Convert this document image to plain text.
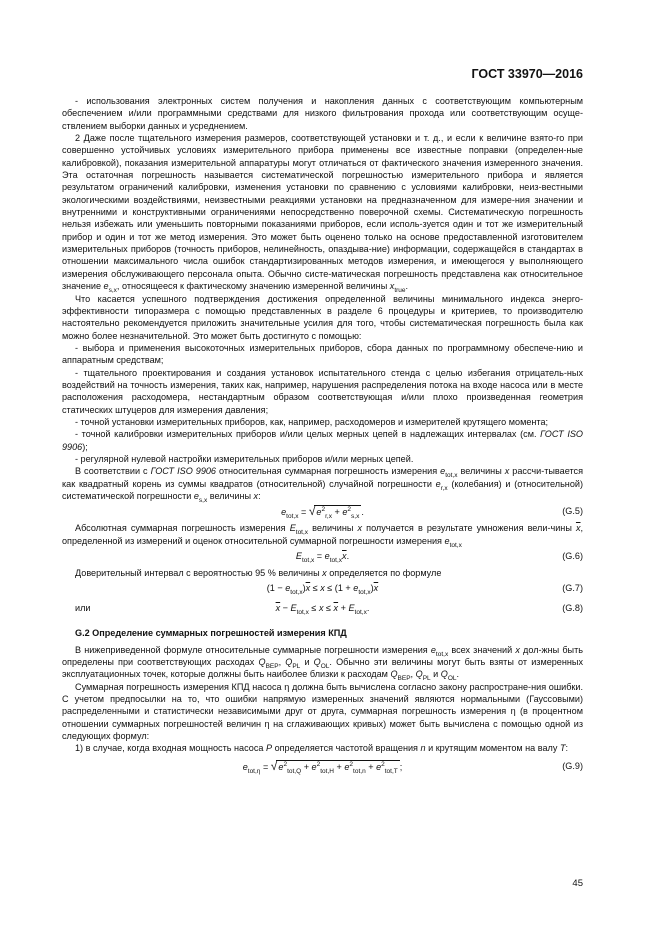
ГОСТ 33970—2016

- использования электронных систем получения и накопления данных с соответствующим компьютерным обеспечением и/или программными средствами для низкого фильтрования прохода или соответствующим осуще-ствлением выборки данных и усреднением.

2 Даже после тщательного измерения размеров, соответствующей установки и т. д., и если к величине взято-го при совершенно устойчивых условиях измерительного прибора применены все известные поправки (определен-ные калибровкой), показания измерительной аппаратуры могут отличаться от фактического значения измеренного значения. Эта остаточная погрешность называется систематической погрешностью измерительного прибора и является результатом ограничений калибровки, изменения установки по сравнению с условиями калибровки, неиз-вестными экологическими воздействиями, неизвестными реакциями установки на предназначенном для измере-ния значении и внутренними и конструктивными ограничениями непосредственно поверочной схемы. Систематическую погрешность нельзя избежать или уменьшить повторными показаниями приборов, если исполь-зуется один и тот же измерительный прибор и один и тот же метод измерения. Это может быть оценено только на основе предоставленной изготовителем измерительных приборов (точность приборов, нелинейность, опаздыва-ние) информации, содержащейся в стандартах в отношении максимального числа ошибок стандартизированных методов измерения, и имеющегося у выполняющего измерения обслуживающего персонала опыта. Обычно систе-матическая погрешность представлена как относительное значение $e_{s,x}$, относящееся к фактическому значению измеренной величины $x_{true}$.

Что касается успешного подтверждения достижения определенной величины минимального индекса энерго-эффективности типоразмера с помощью представленных в разделе 6 процедуры и критериев, то производителю настоятельно рекомендуется приложить значительные усилия для того, чтобы систематическая погрешность была как можно более незначительной. Это может быть достигнуто с помощью:

- выбора и применения высокоточных измерительных приборов, сбора данных по программному обеспече-нию и аппаратным средствам;

- тщательного проектирования и создания установок испытательного стенда с целью избегания отрицатель-ных воздействий на точность измерения, таких как, например, нарушения распределения потока на входе насоса или в месте расположения расходомера, нестандартным образом соответствующая и/или плохо произведенная геометрия статических штуцеров для измерения давления;

- точной установки измерительных приборов, как, например, расходомеров и измерителей крутящего момента;

- точной калибровки измерительных приборов и/или целых мерных цепей в надлежащих интервалах (см. ГОСТ ISO 9906);

- регулярной нулевой настройки измерительных приборов и/или мерных цепей.

В соответствии с ГОСТ ISO 9906 относительная суммарная погрешность измерения $e_{tot,x}$ величины x рассчи-тывается как квадратный корень из суммы квадратов (относительной) случайной погрешности $e_{r,x}$ (колебания) и (относительной) систематической погрешности $e_{s,x}$ величины x:

$e_{tot,x} = √e^2_{r,x} + e^2_{s,x}$ .	(G.5)

Абсолютная суммарная погрешность измерения $E_{tot,x}$ величины x получается в результате умножения вели-чины $\overline{x}$, определенной из измерений и оценок относительной суммарной погрешности измерения $e_{tot,x}$

$E_{tot,x} = e_{tot,x}\overline{x}$.	(G.6)

Доверительный интервал с вероятностью 95 % величины x определяется по формуле

$(1 - e_{tot,x})\overline{x} \le x \le (1 + e_{tot,x})\overline{x}$	(G.7)
или	$\overline{x} - E_{tot,x} \le x \le \overline{x} + E_{tot,x}$.	(G.8)

G.2 Определение суммарных погрешностей измерения КПД

В нижеприведенной формуле относительные суммарные погрешности измерения $e_{tot,x}$ всех значений x дол-жны быть определены при соответствующих расходах $Q_{BEP}$, $Q_{PL}$ и $Q_{OL}$. Обычно эти величины могут быть взяты от измеренных эксплуатационных точек, которые должны быть наиболее близки к расходам $Q_{BEP}$, $Q_{PL}$ и $Q_{OL}$.

Суммарная погрешность измерения КПД насоса η должна быть вычислена согласно закону распростране-ния ошибки. С учетом предпосылки на то, что ошибки напрямую измеренных значений являются нормальными (Гауссовыми) распределенными и статистически независимыми друг от друга, суммарная погрешность измерения η (в процентном отношении суммарных погрешностей величин η на сглаживающих кривых) может быть вычислена с помощью одной из следующих формул:

1) в случае, когда входная мощность насоса P определяется частотой вращения n и крутящим моментом на валу T:

$e_{tot,\eta} = √e^2_{tot,Q} + e^2_{tot,H} + e^2_{tot,n} + e^2_{tot,T}$ ;	(G.9)
45
